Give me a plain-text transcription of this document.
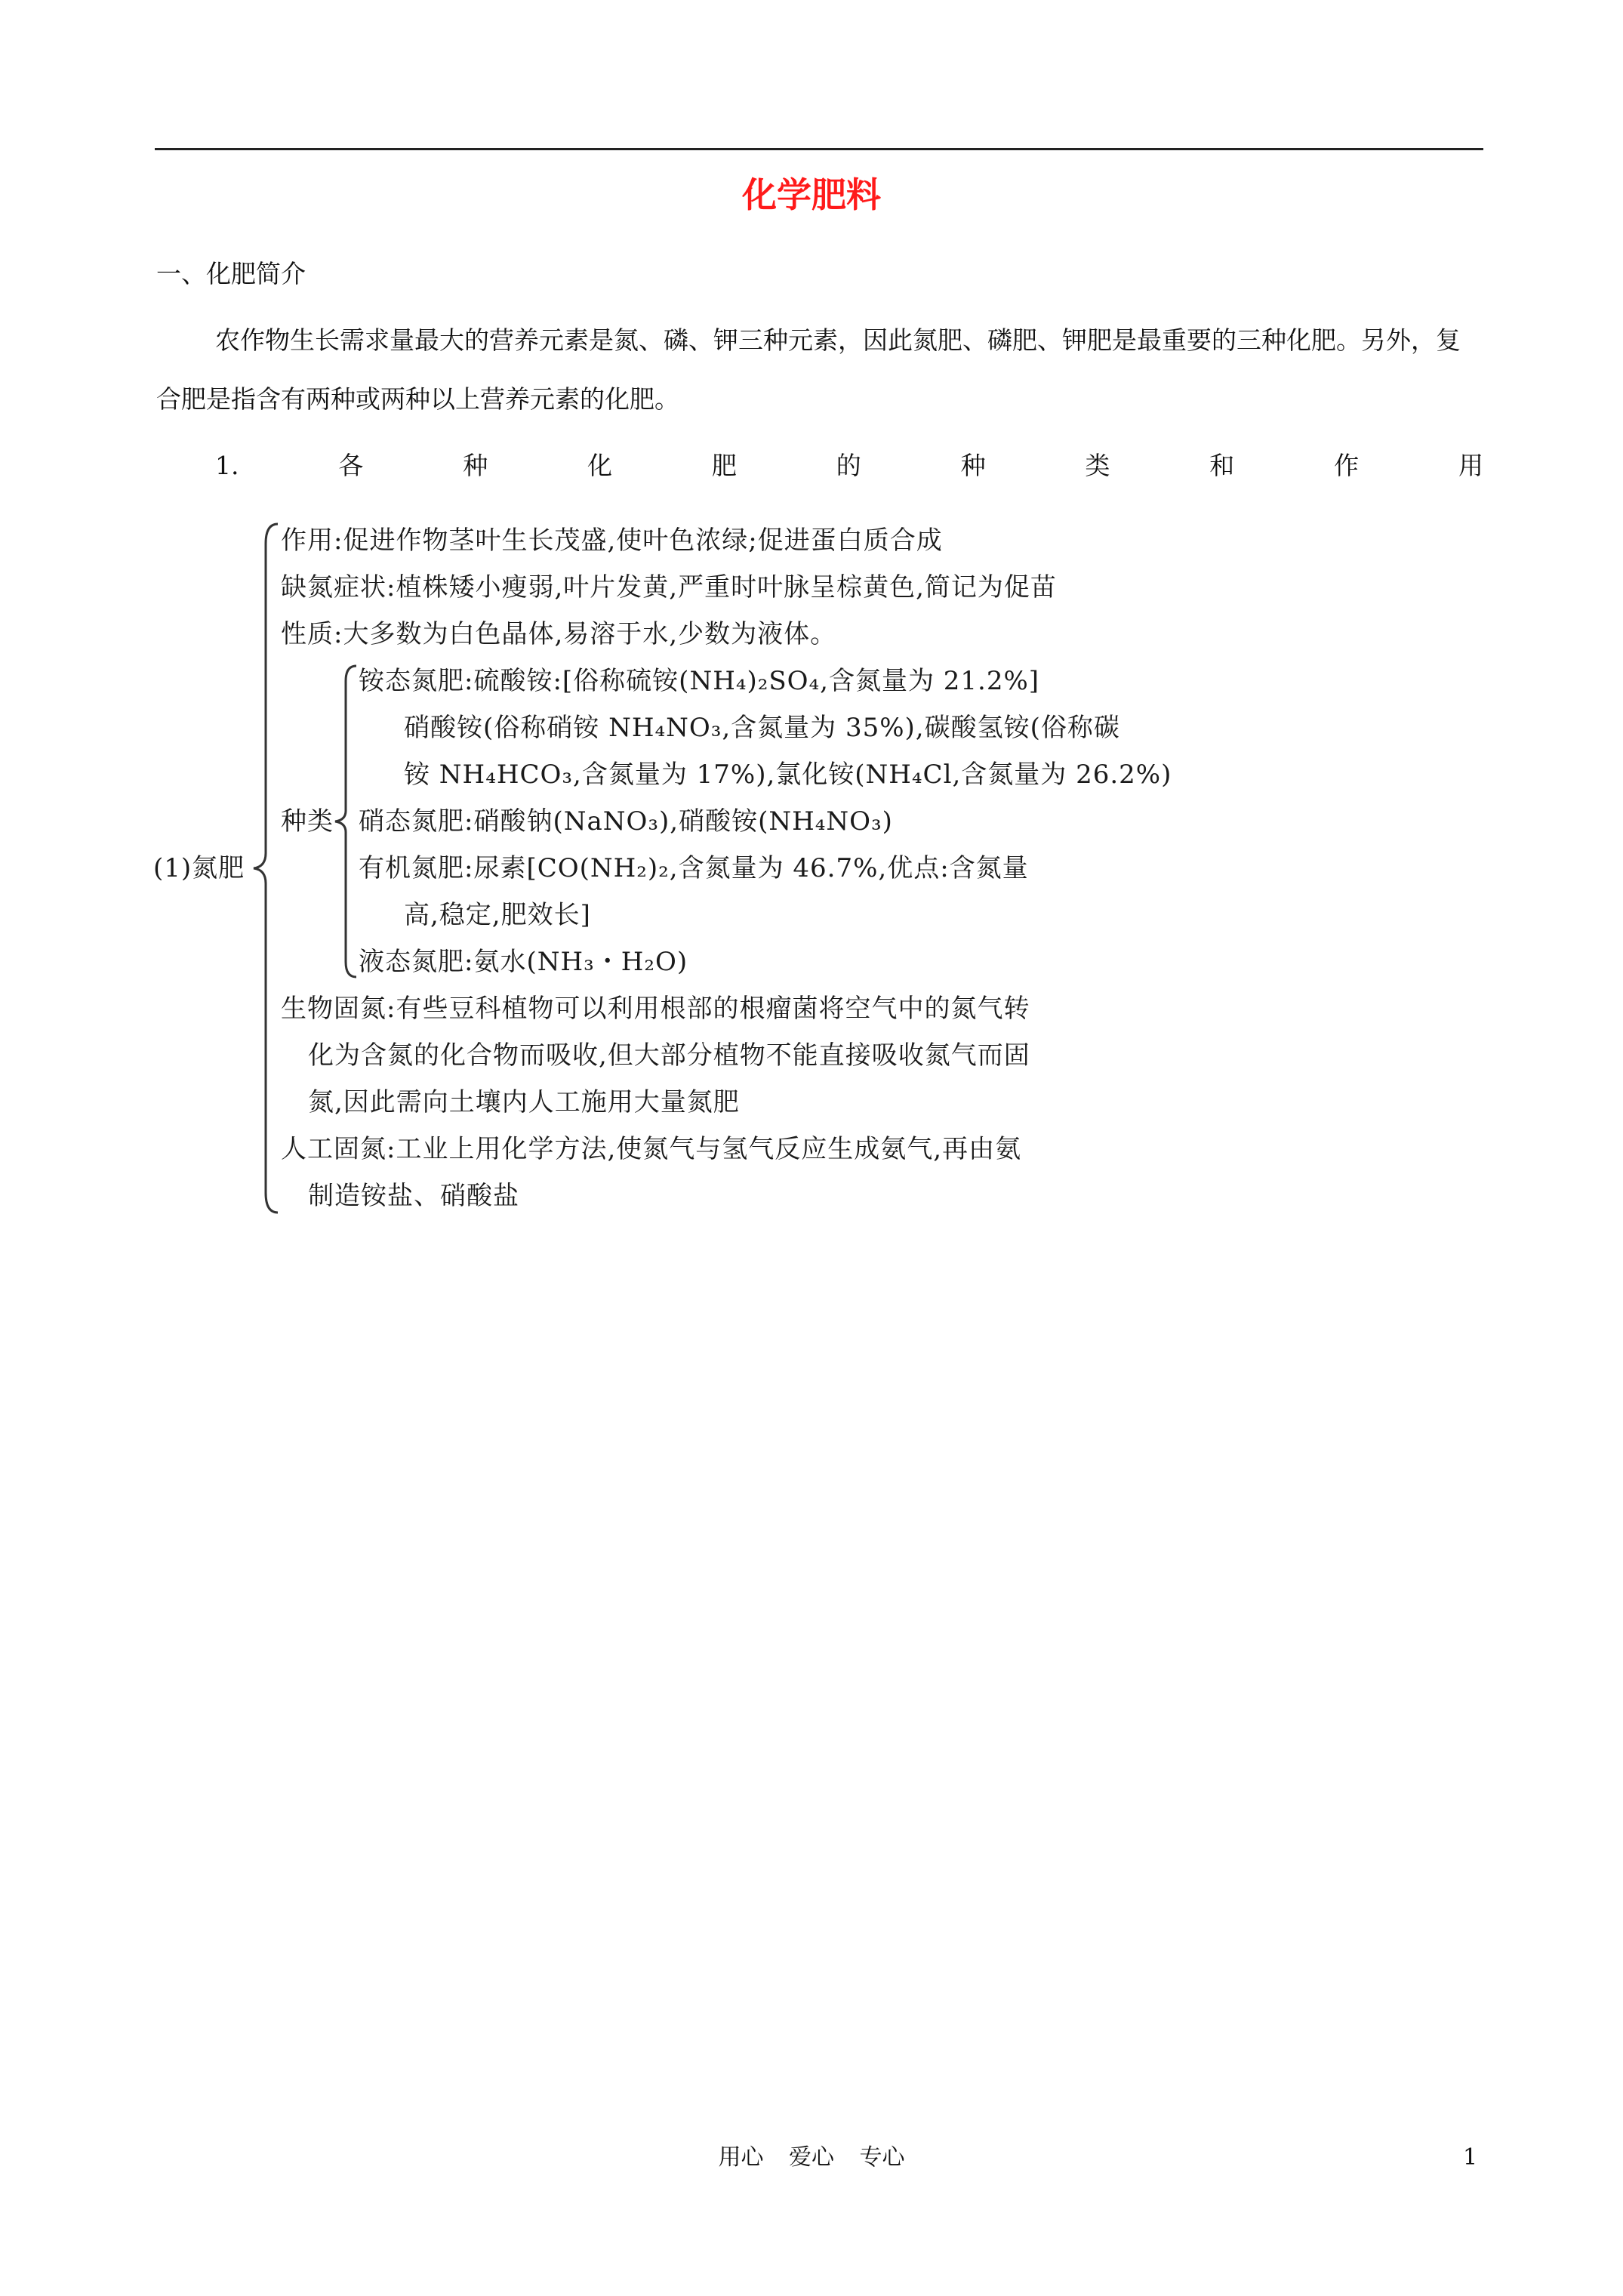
化学肥料
一、化肥简介
农作物生长需求量最大的营养元素是氮、磷、钾三种元素，因此氮肥、磷肥、钾肥是最重要的三种化肥。另外，复合肥是指含有两种或两种以上营养元素的化肥。
1.	各	种	化	肥	的	种	类	和	作	用
(1)氮肥
作用:促进作物茎叶生长茂盛,使叶色浓绿;促进蛋白质合成
缺氮症状:植株矮小瘦弱,叶片发黄,严重时叶脉呈棕黄色,简记为促苗
性质:大多数为白色晶体,易溶于水,少数为液体。
种类
铵态氮肥:硫酸铵:[俗称硫铵(NH₄)₂SO₄,含氮量为 21.2%]
硝酸铵(俗称硝铵 NH₄NO₃,含氮量为 35%),碳酸氢铵(俗称碳
铵 NH₄HCO₃,含氮量为 17%),氯化铵(NH₄Cl,含氮量为 26.2%)
硝态氮肥:硝酸钠(NaNO₃),硝酸铵(NH₄NO₃)
有机氮肥:尿素[CO(NH₂)₂,含氮量为 46.7%,优点:含氮量
高,稳定,肥效长]
液态氮肥:氨水(NH₃・H₂O)
生物固氮:有些豆科植物可以利用根部的根瘤菌将空气中的氮气转
化为含氮的化合物而吸收,但大部分植物不能直接吸收氮气而固
氮,因此需向土壤内人工施用大量氮肥
人工固氮:工业上用化学方法,使氮气与氢气反应生成氨气,再由氨
制造铵盐、硝酸盐
用心 爱心 专心	1
